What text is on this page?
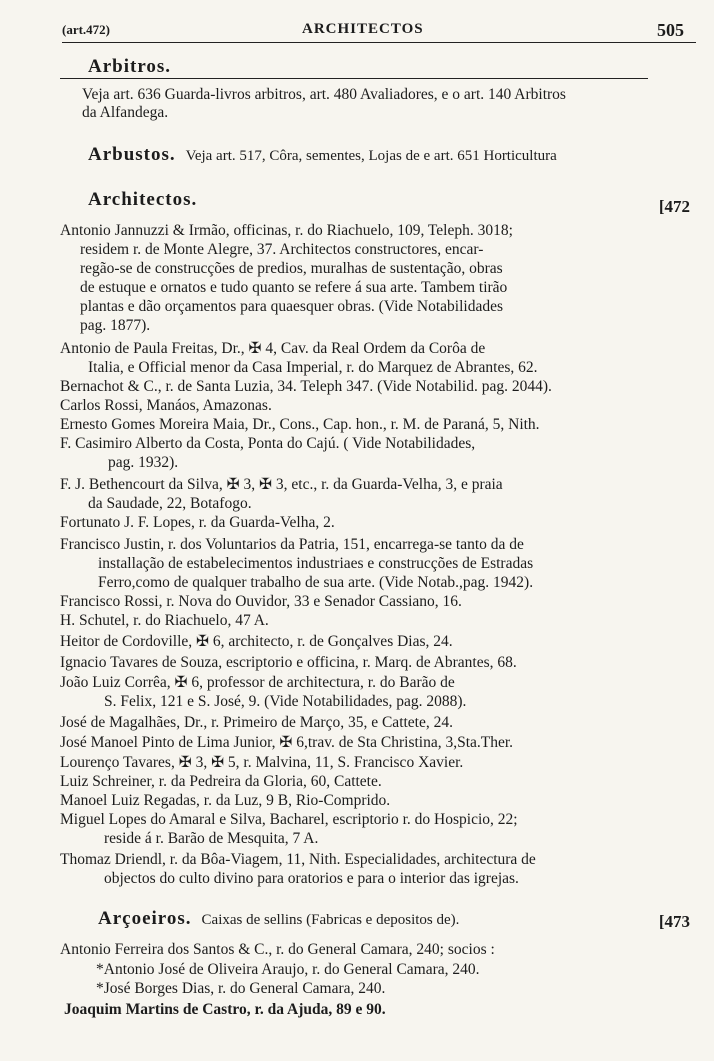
(art.472)	ARCHITECTOS	505
Arbitros.
Veja art. 636 Guarda-livros arbitros, art. 480 Avaliadores, e o art. 140 Arbitros
da Alfandega.
Arbustos. Veja art. 517, Côra, sementes, Lojas de e art. 651 Horticultura
Architectos.	[472
Antonio Jannuzzi & Irmão, officinas, r. do Riachuelo, 109, Teleph. 3018;
residem r. de Monte Alegre, 37. Architectos constructores, encar-
regão-se de construcções de predios, muralhas de sustentação, obras
de estuque e ornatos e tudo quanto se refere á sua arte. Tambem tirão
plantas e dão orçamentos para quaesquer obras. (Vide Notabilidades
pag. 1877).
Antonio de Paula Freitas, Dr., ✠ 4, Cav. da Real Ordem da Corôa de
Italia, e Official menor da Casa Imperial, r. do Marquez de Abrantes, 62.
Bernachot & C., r. de Santa Luzia, 34. Teleph 347. (Vide Notabilid. pag. 2044).
Carlos Rossi, Manáos, Amazonas.
Ernesto Gomes Moreira Maia, Dr., Cons., Cap. hon., r. M. de Paraná, 5, Nith.
F. Casimiro Alberto da Costa, Ponta do Cajú. ( Vide Notabilidades,
pag. 1932).
F. J. Bethencourt da Silva, ✠ 3, ✠ 3, etc., r. da Guarda-Velha, 3, e praia
da Saudade, 22, Botafogo.
Fortunato J. F. Lopes, r. da Guarda-Velha, 2.
Francisco Justin, r. dos Voluntarios da Patria, 151, encarrega-se tanto da de
installação de estabelecimentos industriaes e construcções de Estradas
Ferro,como de qualquer trabalho de sua arte. (Vide Notab.,pag. 1942).
Francisco Rossi, r. Nova do Ouvidor, 33 e Senador Cassiano, 16.
H. Schutel, r. do Riachuelo, 47 A.
Heitor de Cordoville, ✠ 6, architecto, r. de Gonçalves Dias, 24.
Ignacio Tavares de Souza, escriptorio e officina, r. Marq. de Abrantes, 68.
João Luiz Corrêa, ✠ 6, professor de architectura, r. do Barão de
S. Felix, 121 e S. José, 9. (Vide Notabilidades, pag. 2088).
José de Magalhães, Dr., r. Primeiro de Março, 35, e Cattete, 24.
José Manoel Pinto de Lima Junior, ✠ 6,trav. de Sta Christina, 3,Sta.Ther.
Lourenço Tavares, ✠ 3, ✠ 5, r. Malvina, 11, S. Francisco Xavier.
Luiz Schreiner, r. da Pedreira da Gloria, 60, Cattete.
Manoel Luiz Regadas, r. da Luz, 9 B, Rio-Comprido.
Miguel Lopes do Amaral e Silva, Bacharel, escriptorio r. do Hospicio, 22;
reside á r. Barão de Mesquita, 7 A.
Thomaz Driendl, r. da Bôa-Viagem, 11, Nith. Especialidades, architectura de
objectos do culto divino para oratorios e para o interior das igrejas.
Arçoeiros. Caixas de sellins (Fabricas e depositos de).	[473
Antonio Ferreira dos Santos & C., r. do General Camara, 240; socios :
*Antonio José de Oliveira Araujo, r. do General Camara, 240.
*José Borges Dias, r. do General Camara, 240.
Joaquim Martins de Castro, r. da Ajuda, 89 e 90.
